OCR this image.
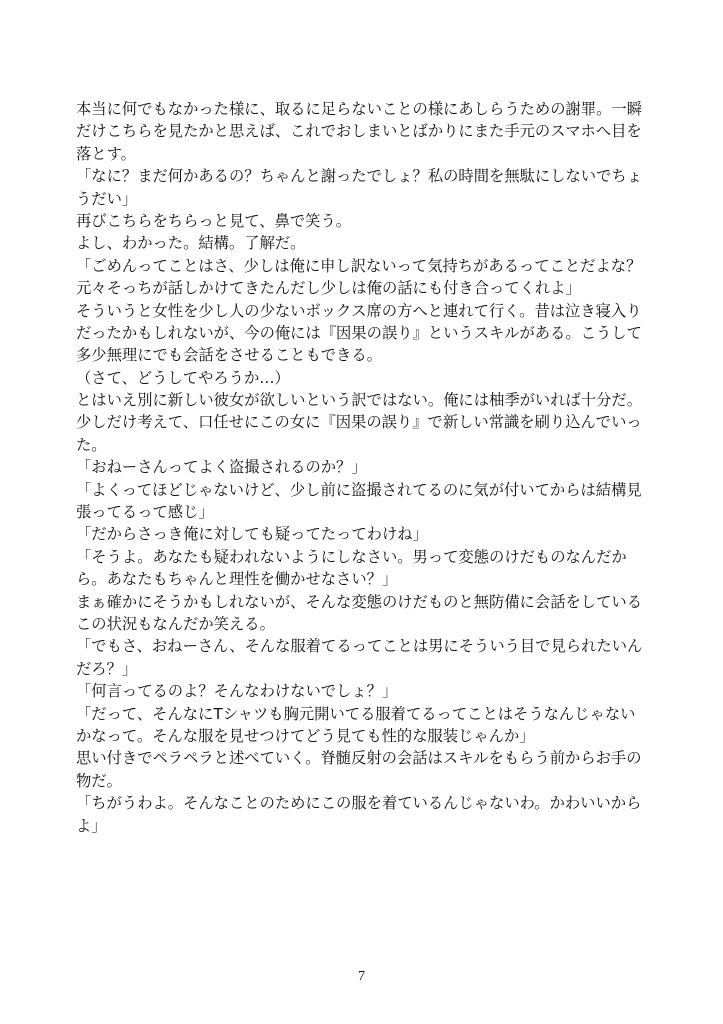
本当に何でもなかった様に、取るに足らないことの様にあしらうための謝罪。一瞬
だけこちらを見たかと思えば、これでおしまいとばかりにまた手元のスマホへ目を
落とす。
「なに？まだ何かあるの？ちゃんと謝ったでしょ？私の時間を無駄にしないでちょ
うだい」
再びこちらをちらっと見て、鼻で笑う。
よし、わかった。結構。了解だ。
「ごめんってことはさ、少しは俺に申し訳ないって気持ちがあるってことだよな？
元々そっちが話しかけてきたんだし少しは俺の話にも付き合ってくれよ」
そういうと女性を少し人の少ないボックス席の方へと連れて行く。昔は泣き寝入り
だったかもしれないが、今の俺には『因果の誤り』というスキルがある。こうして
多少無理にでも会話をさせることもできる。
（さて、どうしてやろうか…）
とはいえ別に新しい彼女が欲しいという訳ではない。俺には柚季がいれば十分だ。
少しだけ考えて、口任せにこの女に『因果の誤り』で新しい常識を刷り込んでいっ
た。
「おねーさんってよく盗撮されるのか？」
「よくってほどじゃないけど、少し前に盗撮されてるのに気が付いてからは結構見
張ってるって感じ」
「だからさっき俺に対しても疑ってたってわけね」
「そうよ。あなたも疑われないようにしなさい。男って変態のけだものなんだか
ら。あなたもちゃんと理性を働かせなさい？」
まぁ確かにそうかもしれないが、そんな変態のけだものと無防備に会話をしている
この状況もなんだか笑える。
「でもさ、おねーさん、そんな服着てるってことは男にそういう目で見られたいん
だろ？」
「何言ってるのよ？そんなわけないでしょ？」
「だって、そんなにTシャツも胸元開いてる服着てるってことはそうなんじゃない
かなって。そんな服を見せつけてどう見ても性的な服装じゃんか」
思い付きでペラペラと述べていく。脊髄反射の会話はスキルをもらう前からお手の
物だ。
「ちがうわよ。そんなことのためにこの服を着ているんじゃないわ。かわいいから
よ」
7
